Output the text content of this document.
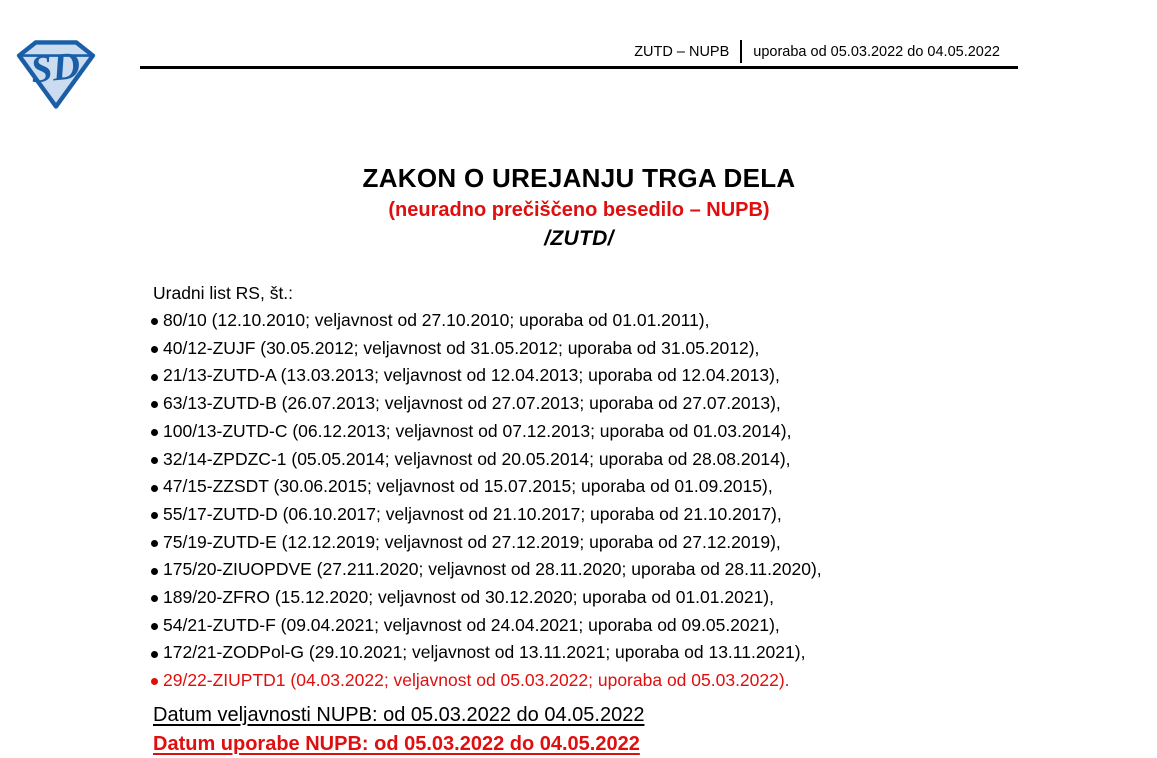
SD	ZUTD – NUPB uporaba od 05.03.2022 do 04.05.2022
ZAKON O UREJANJU TRGA DELA
(neuradno prečiščeno besedilo – NUPB)
/ZUTD/

Uradni list RS, št.:

80/10 (12.10.2010; veljavnost od 27.10.2010; uporaba od 01.01.2011),
40/12-ZUJF (30.05.2012; veljavnost od 31.05.2012; uporaba od 31.05.2012),
21/13-ZUTD-A (13.03.2013; veljavnost od 12.04.2013; uporaba od 12.04.2013),
63/13-ZUTD-B (26.07.2013; veljavnost od 27.07.2013; uporaba od 27.07.2013),
100/13-ZUTD-C (06.12.2013; veljavnost od 07.12.2013; uporaba od 01.03.2014),
32/14-ZPDZC-1 (05.05.2014; veljavnost od 20.05.2014; uporaba od 28.08.2014),
47/15-ZZSDT (30.06.2015; veljavnost od 15.07.2015; uporaba od 01.09.2015),
55/17-ZUTD-D (06.10.2017; veljavnost od 21.10.2017; uporaba od 21.10.2017),
75/19-ZUTD-E (12.12.2019; veljavnost od 27.12.2019; uporaba od 27.12.2019),
175/20-ZIUOPDVE (27.211.2020; veljavnost od 28.11.2020; uporaba od 28.11.2020),
189/20-ZFRO (15.12.2020; veljavnost od 30.12.2020; uporaba od 01.01.2021),
54/21-ZUTD-F (09.04.2021; veljavnost od 24.04.2021; uporaba od 09.05.2021),
172/21-ZODPol-G (29.10.2021; veljavnost od 13.11.2021; uporaba od 13.11.2021),
29/22-ZIUPTD1 (04.03.2022; veljavnost od 05.03.2022; uporaba od 05.03.2022).

Datum veljavnosti NUPB: od 05.03.2022 do 04.05.2022

Datum uporabe NUPB: od 05.03.2022 do 04.05.2022
